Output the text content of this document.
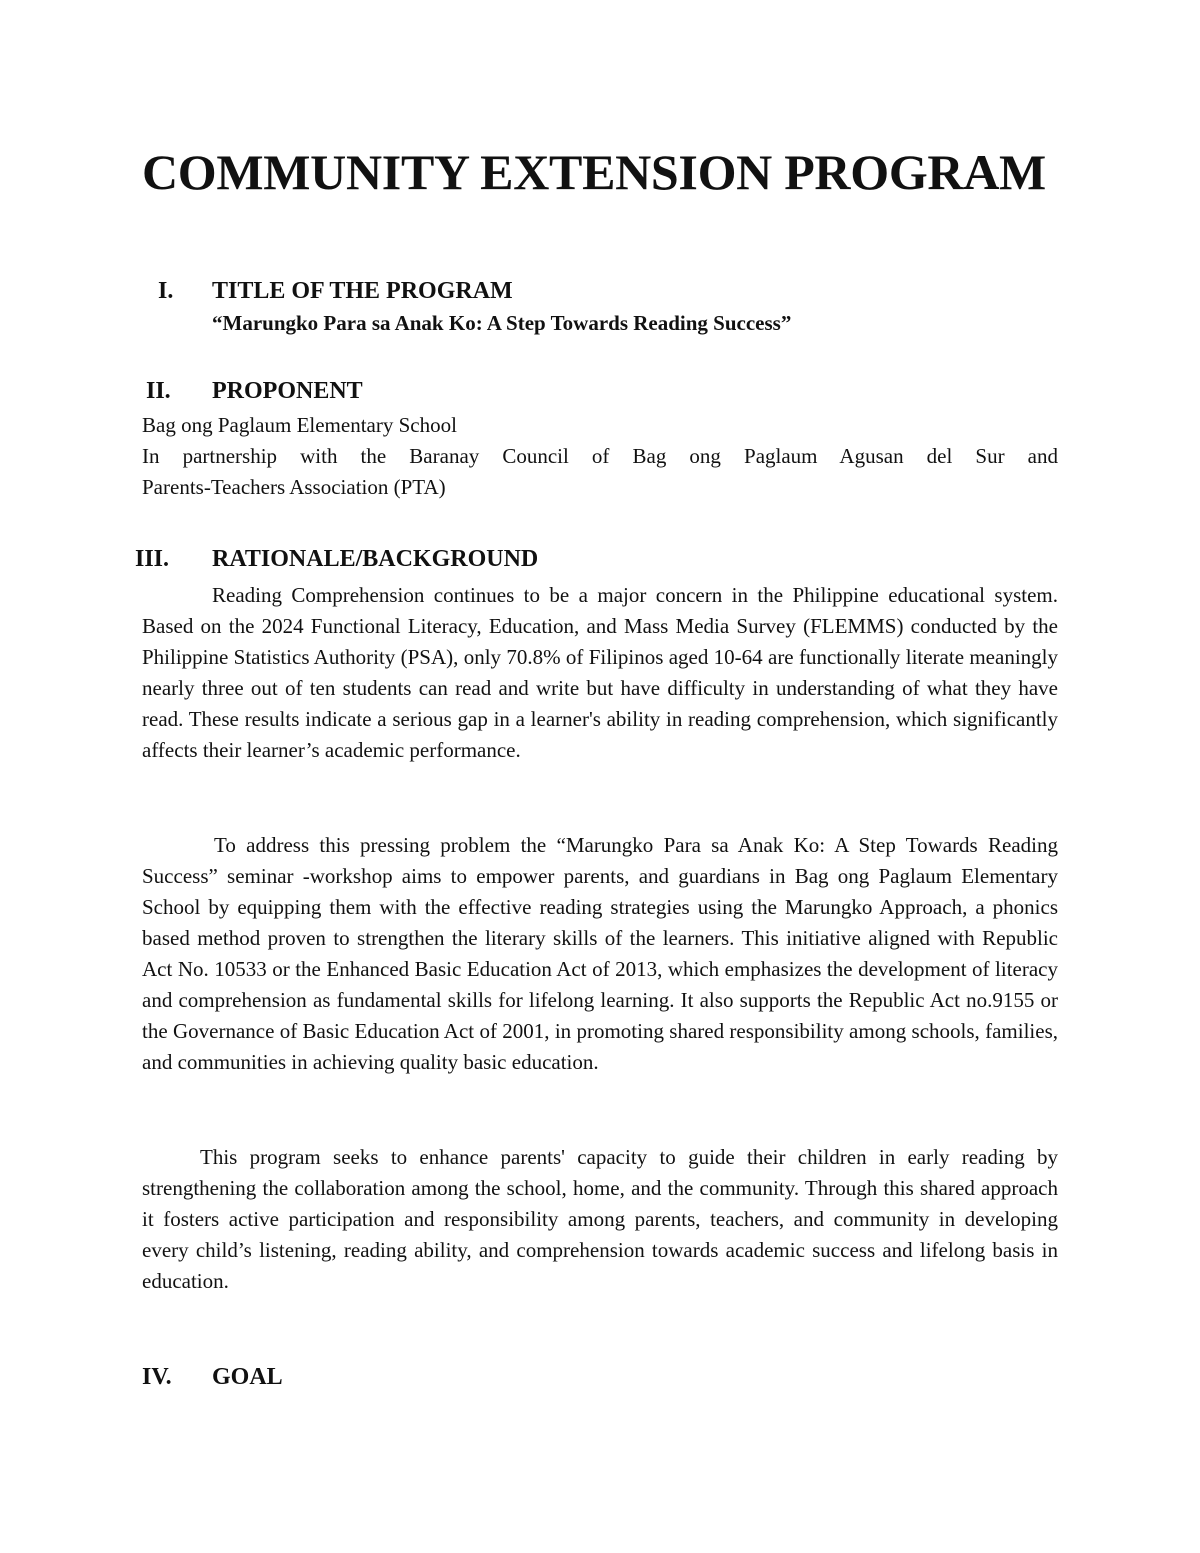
COMMUNITY EXTENSION PROGRAM
I. TITLE OF THE PROGRAM
“Marungko Para sa Anak Ko: A Step Towards Reading Success”
II. PROPONENT
Bag ong Paglaum Elementary School
In partnership with the Baranay Council of Bag ong Paglaum Agusan del Sur and
Parents-Teachers Association (PTA)
III. RATIONALE/BACKGROUND

Reading Comprehension continues to be a major concern in the Philippine educational system. Based on the 2024 Functional Literacy, Education, and Mass Media Survey (FLEMMS) conducted by the Philippine Statistics Authority (PSA), only 70.8% of Filipinos aged 10-64 are functionally literate meaningly nearly three out of ten students can read and write but have difficulty in understanding of what they have read. These results indicate a serious gap in a learner's ability in reading comprehension, which significantly affects their learner’s academic performance.

To address this pressing problem the “Marungko Para sa Anak Ko: A Step Towards Reading Success” seminar -workshop aims to empower parents, and guardians in Bag ong Paglaum Elementary School by equipping them with the effective reading strategies using the Marungko Approach, a phonics based method proven to strengthen the literary skills of the learners. This initiative aligned with Republic Act No. 10533 or the Enhanced Basic Education Act of 2013, which emphasizes the development of literacy and comprehension as fundamental skills for lifelong learning. It also supports the Republic Act no.9155 or the Governance of Basic Education Act of 2001, in promoting shared responsibility among schools, families, and communities in achieving quality basic education.

This program seeks to enhance parents' capacity to guide their children in early reading by strengthening the collaboration among the school, home, and the community. Through this shared approach it fosters active participation and responsibility among parents, teachers, and community in developing every child’s listening, reading ability, and comprehension towards academic success and lifelong basis in education.

IV. GOAL
